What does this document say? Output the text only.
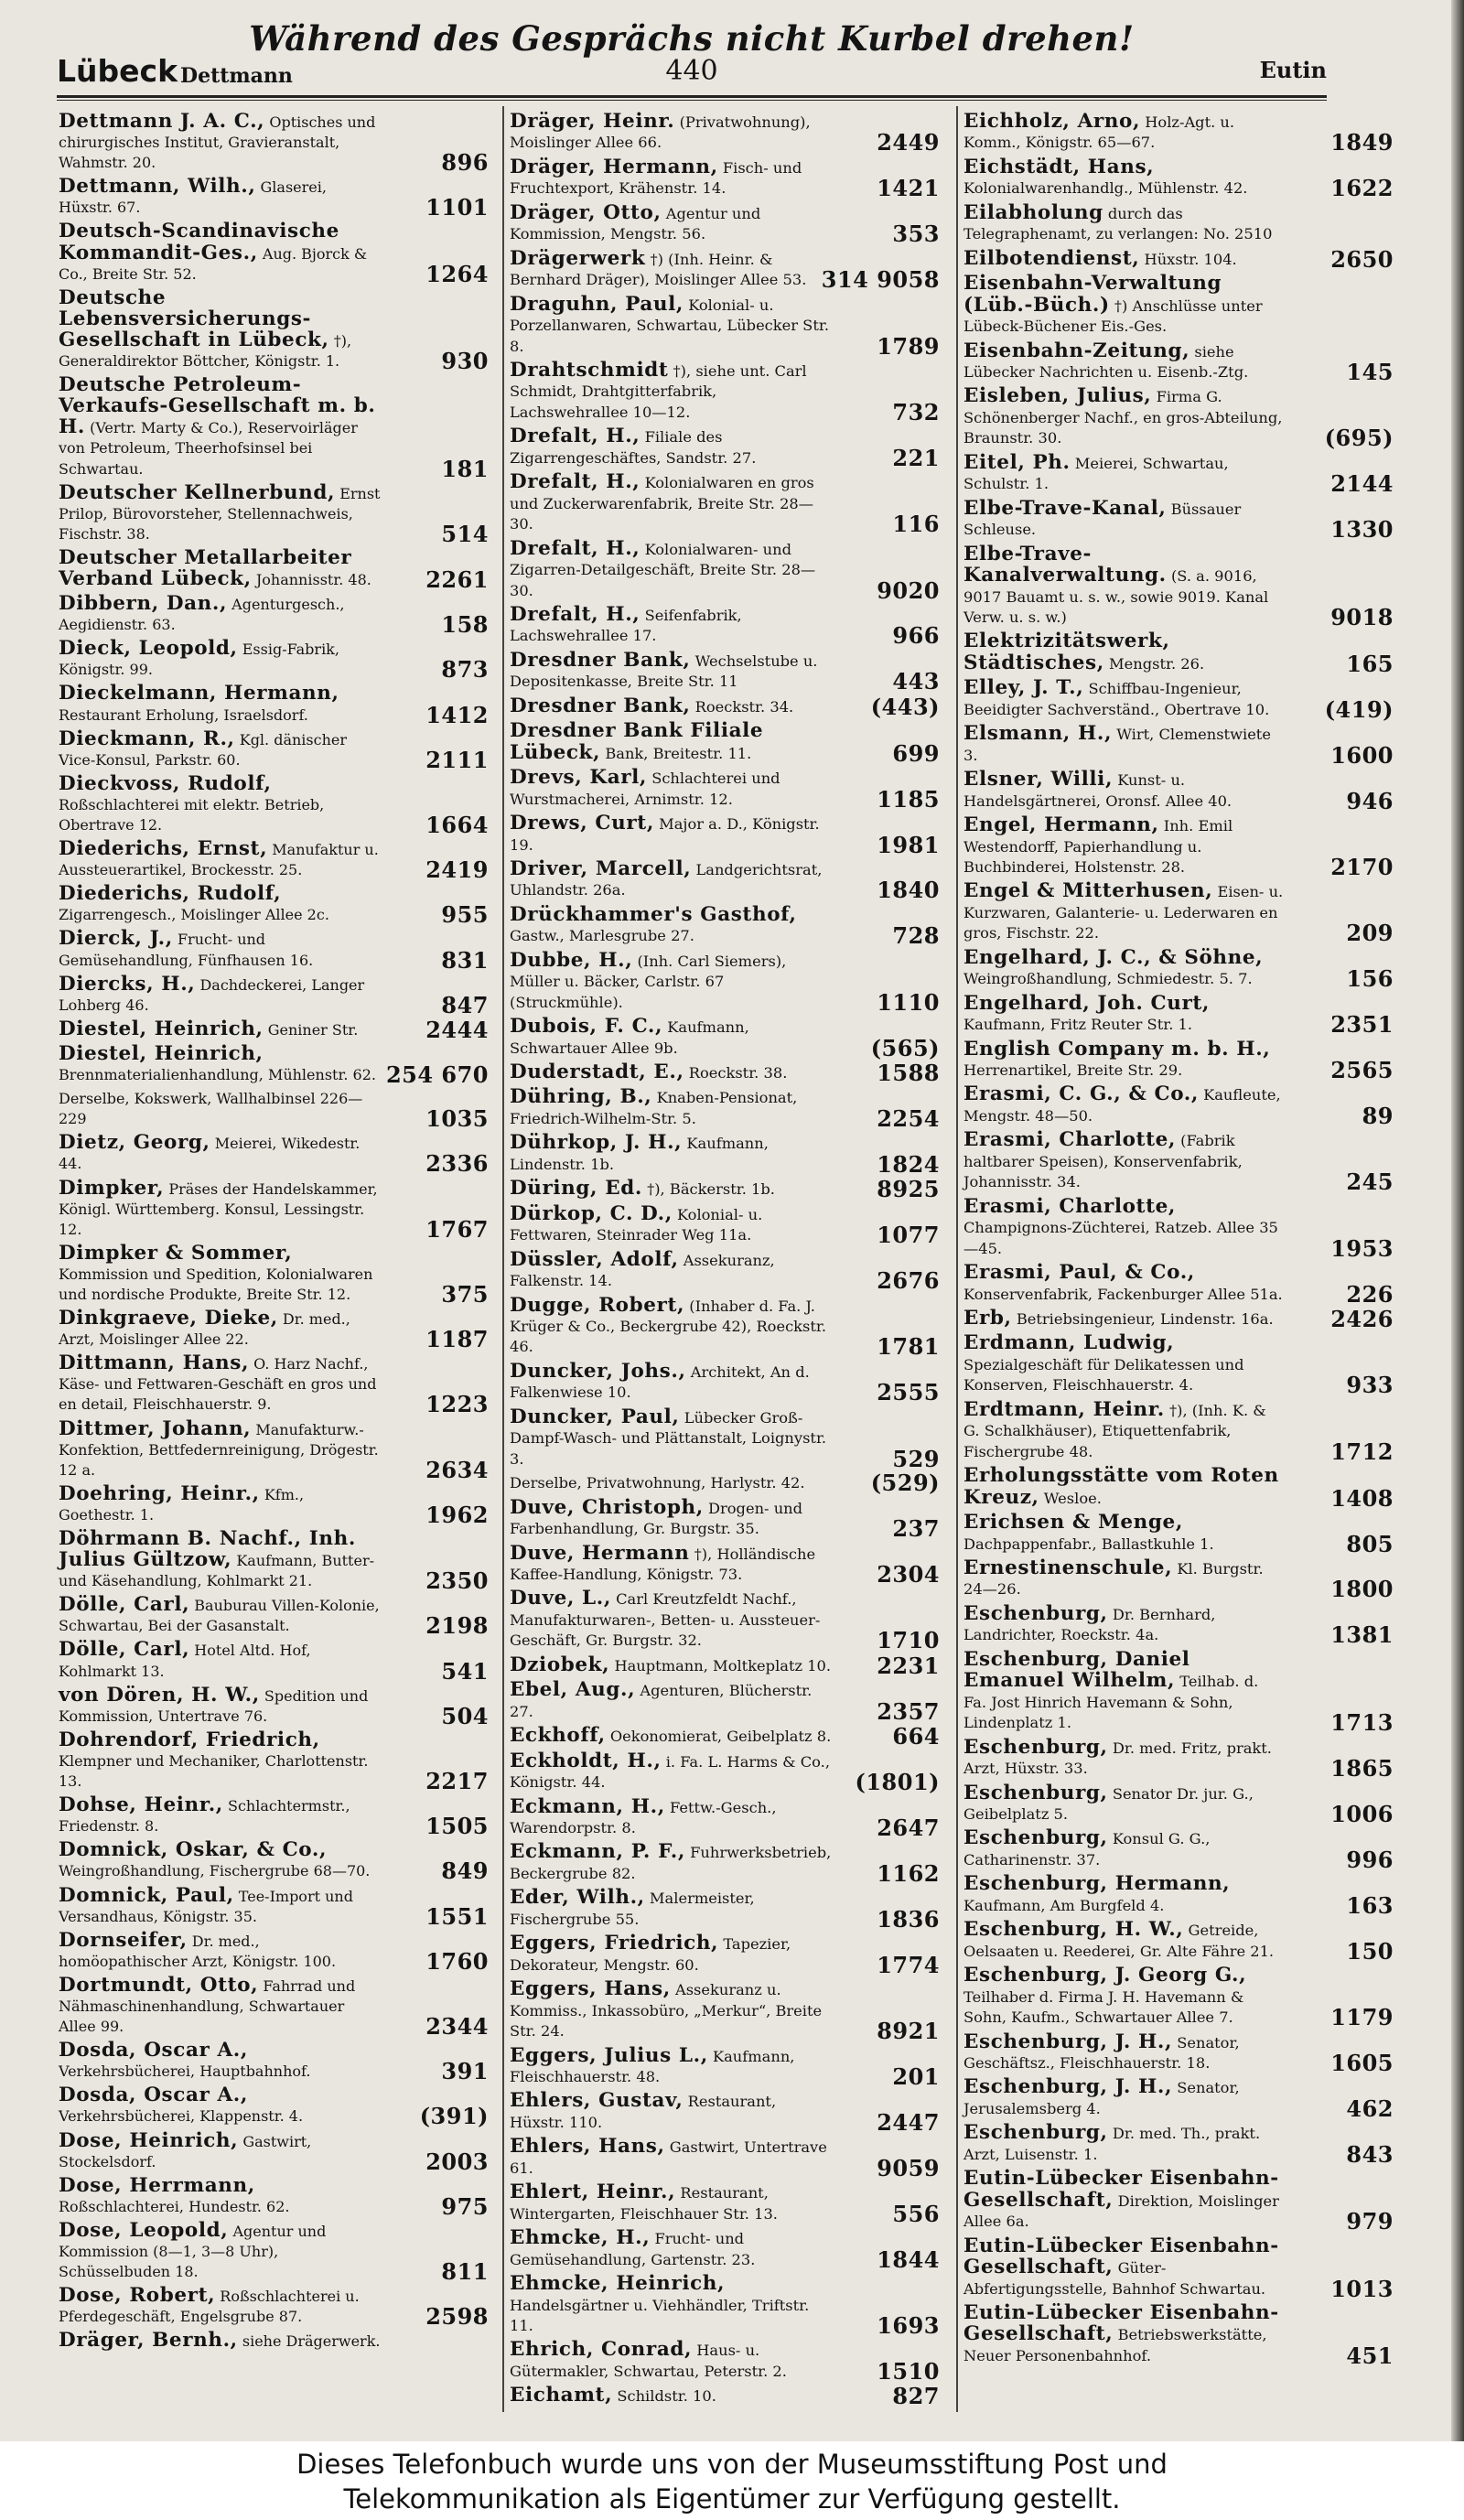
Während des Gesprächs nicht Kurbel drehen!
Lübeck Dettmann	440	Eutin
Dettmann J. A. C., Optisches und chirurgisches Institut, Gravieranstalt, Wahmstr. 20.	896
Dettmann, Wilh., Glaserei, Hüxstr. 67.	1101
Deutsch-Scandinavische Kommandit-Ges., Aug. Bjorck & Co., Breite Str. 52.	1264
Deutsche Lebensversicherungs-Gesellschaft in Lübeck, †), Generaldirektor Böttcher, Königstr. 1.	930
Deutsche Petroleum-Verkaufs-Gesellschaft m. b. H. (Vertr. Marty & Co.), Reservoirläger von Petroleum, Theerhofsinsel bei Schwartau.	181
Deutscher Kellnerbund, Ernst Prilop, Bürovorsteher, Stellennachweis, Fischstr. 38.	514
Deutscher Metallarbeiter Verband Lübeck, Johannisstr. 48. 2261
Dibbern, Dan., Agenturgesch., Aegidienstr. 63.	158
Dieck, Leopold, Essig-Fabrik, Königstr. 99.	873
Dieckelmann, Hermann, Restaurant Erholung, Israelsdorf.	1412
Dieckmann, R., Kgl. dänischer Vice-Konsul, Parkstr. 60.	2111
Dieckvoss, Rudolf, Roßschlachterei mit elektr. Betrieb, Obertrave 12.	1664
Diederichs, Ernst, Manufaktur u. Aussteuerartikel, Brockesstr. 25.	2419
Diederichs, Rudolf, Zigarrengesch., Moislinger Allee 2c.	955
Dierck, J., Frucht- und Gemüsehandlung, Fünfhausen 16.	831
Diercks, H., Dachdeckerei, Langer Lohberg 46.	847
Diestel, Heinrich, Geniner Str.	2444
Diestel, Heinrich, Brennmaterialienhandlung, Mühlenstr. 62. 254 670
Derselbe, Kokswerk, Wallhalbinsel 226—229	1035
Dietz, Georg, Meierei, Wikedestr. 44.	2336
Dimpker, Präses der Handelskammer, Königl. Württemberg. Konsul, Lessingstr. 12.	1767
Dimpker & Sommer, Kommission und Spedition, Kolonialwaren und nordische Produkte, Breite Str. 12.	375
Dinkgraeve, Dieke, Dr. med., Arzt, Moislinger Allee 22.	1187
Dittmann, Hans, O. Harz Nachf., Käse- und Fettwaren-Geschäft en gros und en detail, Fleischhauerstr. 9.	1223
Dittmer, Johann, Manufakturw.-Konfektion, Bettfedernreinigung, Drögestr. 12 a.	2634
Doehring, Heinr., Kfm., Goethestr. 1.	1962
Döhrmann B. Nachf., Inh. Julius Gültzow, Kaufmann, Butter- und Käsehandlung, Kohlmarkt 21.	2350
Dölle, Carl, Bauburau Villen-Kolonie, Schwartau, Bei der Gasanstalt.	2198
Dölle, Carl, Hotel Altd. Hof, Kohlmarkt 13.	541
von Dören, H. W., Spedition und Kommission, Untertrave 76.	504
Dohrendorf, Friedrich, Klempner und Mechaniker, Charlottenstr. 13.	2217
Dohse, Heinr., Schlachtermstr., Friedenstr. 8.	1505
Domnick, Oskar, & Co., Weingroßhandlung, Fischergrube 68—70.	849
Domnick, Paul, Tee-Import und Versandhaus, Königstr. 35.	1551
Dornseifer, Dr. med., homöopathischer Arzt, Königstr. 100.	1760
Dortmundt, Otto, Fahrrad und Nähmaschinenhandlung, Schwartauer Allee 99.	2344
Dosda, Oscar A., Verkehrsbücherei, Hauptbahnhof.	391
Dosda, Oscar A., Verkehrsbücherei, Klappenstr. 4.	(391)
Dose, Heinrich, Gastwirt, Stockelsdorf.	2003
Dose, Herrmann, Roßschlachterei, Hundestr. 62.	975
Dose, Leopold, Agentur und Kommission (8—1, 3—8 Uhr), Schüsselbuden 18.	811
Dose, Robert, Roßschlachterei u. Pferdegeschäft, Engelsgrube 87.	2598
Dräger, Bernh., siehe Drägerwerk.
Dräger, Heinr. (Privatwohnung), Moislinger Allee 66.	2449
Dräger, Hermann, Fisch- und Fruchtexport, Krähenstr. 14.	1421
Dräger, Otto, Agentur und Kommission, Mengstr. 56.	353
Drägerwerk †) (Inh. Heinr. & Bernhard Dräger), Moislinger Allee 53. 314 9058
Draguhn, Paul, Kolonial- u. Porzellanwaren, Schwartau, Lübecker Str. 8.	1789
Drahtschmidt †), siehe unt. Carl Schmidt, Drahtgitterfabrik, Lachswehrallee 10—12.	732
Drefalt, H., Filiale des Zigarrengeschäftes, Sandstr. 27.	221
Drefalt, H., Kolonialwaren en gros und Zuckerwarenfabrik, Breite Str. 28—30.	116
Drefalt, H., Kolonialwaren- und Zigarren-Detailgeschäft, Breite Str. 28—30.	9020
Drefalt, H., Seifenfabrik, Lachswehrallee 17.	966
Dresdner Bank, Wechselstube u. Depositenkasse, Breite Str. 11	443
Dresdner Bank, Roeckstr. 34.	(443)
Dresdner Bank Filiale Lübeck, Bank, Breitestr. 11.	699
Drevs, Karl, Schlachterei und Wurstmacherei, Arnimstr. 12.	1185
Drews, Curt, Major a. D., Königstr. 19.	1981
Driver, Marcell, Landgerichtsrat, Uhlandstr. 26a.	1840
Drückhammer's Gasthof, Gastw., Marlesgrube 27.	728
Dubbe, H., (Inh. Carl Siemers), Müller u. Bäcker, Carlstr. 67 (Struckmühle).	1110
Dubois, F. C., Kaufmann, Schwartauer Allee 9b.	(565)
Duderstadt, E., Roeckstr. 38.	1588
Dühring, B., Knaben-Pensionat, Friedrich-Wilhelm-Str. 5.	2254
Dührkop, J. H., Kaufmann, Lindenstr. 1b.	1824
Düring, Ed. †), Bäckerstr. 1b.	8925
Dürkop, C. D., Kolonial- u. Fettwaren, Steinrader Weg 11a.	1077
Düssler, Adolf, Assekuranz, Falkenstr. 14.	2676
Dugge, Robert, (Inhaber d. Fa. J. Krüger & Co., Beckergrube 42), Roeckstr. 46.	1781
Duncker, Johs., Architekt, An d. Falkenwiese 10.	2555
Duncker, Paul, Lübecker Groß-Dampf-Wasch- und Plättanstalt, Loignystr. 3.	529
Derselbe, Privatwohnung, Harlystr. 42.	(529)
Duve, Christoph, Drogen- und Farbenhandlung, Gr. Burgstr. 35.	237
Duve, Hermann †), Holländische Kaffee-Handlung, Königstr. 73.	2304
Duve, L., Carl Kreutzfeldt Nachf., Manufakturwaren-, Betten- u. Aussteuer-Geschäft, Gr. Burgstr. 32.	1710
Dziobek, Hauptmann, Moltkeplatz 10. 2231
Ebel, Aug., Agenturen, Blücherstr. 27.	2357
Eckhoff, Oekonomierat, Geibelplatz 8.	664
Eckholdt, H., i. Fa. L. Harms & Co., Königstr. 44.	(1801)
Eckmann, H., Fettw.-Gesch., Warendorpstr. 8.	2647
Eckmann, P. F., Fuhrwerksbetrieb, Beckergrube 82.	1162
Eder, Wilh., Malermeister, Fischergrube 55.	1836
Eggers, Friedrich, Tapezier, Dekorateur, Mengstr. 60.	1774
Eggers, Hans, Assekuranz u. Kommiss., Inkassobüro, „Merkur“, Breite Str. 24.	8921
Eggers, Julius L., Kaufmann, Fleischhauerstr. 48.	201
Ehlers, Gustav, Restaurant, Hüxstr. 110.	2447
Ehlers, Hans, Gastwirt, Untertrave 61.	9059
Ehlert, Heinr., Restaurant, Wintergarten, Fleischhauer Str. 13.	556
Ehmcke, H., Frucht- und Gemüsehandlung, Gartenstr. 23.	1844
Ehmcke, Heinrich, Handelsgärtner u. Viehhändler, Triftstr. 11.	1693
Ehrich, Conrad, Haus- u. Gütermakler, Schwartau, Peterstr. 2.	1510
Eichamt, Schildstr. 10.	827
Eichholz, Arno, Holz-Agt. u. Komm., Königstr. 65—67.	1849
Eichstädt, Hans, Kolonialwarenhandlg., Mühlenstr. 42.	1622
Eilabholung durch das Telegraphenamt, zu verlangen: No. 2510
Eilbotendienst, Hüxstr. 104.	2650
Eisenbahn-Verwaltung (Lüb.-Büch.) †) Anschlüsse unter Lübeck-Büchener Eis.-Ges.
Eisenbahn-Zeitung, siehe Lübecker Nachrichten u. Eisenb.-Ztg.	145
Eisleben, Julius, Firma G. Schönenberger Nachf., en gros-Abteilung, Braunstr. 30.	(695)
Eitel, Ph. Meierei, Schwartau, Schulstr. 1.	2144
Elbe-Trave-Kanal, Büssauer Schleuse.	1330
Elbe-Trave-Kanalverwaltung. (S. a. 9016, 9017 Bauamt u. s. w., sowie 9019. Kanal Verw. u. s. w.)	9018
Elektrizitätswerk, Städtisches, Mengstr. 26.	165
Elley, J. T., Schiffbau-Ingenieur, Beeidigter Sachverständ., Obertrave 10.	(419)
Elsmann, H., Wirt, Clemenstwiete 3.	1600
Elsner, Willi, Kunst- u. Handelsgärtnerei, Oronsf. Allee 40.	946
Engel, Hermann, Inh. Emil Westendorff, Papierhandlung u. Buchbinderei, Holstenstr. 28.	2170
Engel & Mitterhusen, Eisen- u. Kurzwaren, Galanterie- u. Lederwaren en gros, Fischstr. 22.	209
Engelhard, J. C., & Söhne, Weingroßhandlung, Schmiedestr. 5. 7.	156
Engelhard, Joh. Curt, Kaufmann, Fritz Reuter Str. 1.	2351
English Company m. b. H., Herrenartikel, Breite Str. 29.	2565
Erasmi, C. G., & Co., Kaufleute, Mengstr. 48—50.	89
Erasmi, Charlotte, (Fabrik haltbarer Speisen), Konservenfabrik, Johannisstr. 34.	245
Erasmi, Charlotte, Champignons-Züchterei, Ratzeb. Allee 35—45.	1953
Erasmi, Paul, & Co., Konservenfabrik, Fackenburger Allee 51a.	226
Erb, Betriebsingenieur, Lindenstr. 16a.	2426
Erdmann, Ludwig, Spezialgeschäft für Delikatessen und Konserven, Fleischhauerstr. 4.	933
Erdtmann, Heinr. †), (Inh. K. & G. Schalkhäuser), Etiquettenfabrik, Fischergrube 48.	1712
Erholungsstätte vom Roten Kreuz, Wesloe.	1408
Erichsen & Menge, Dachpappenfabr., Ballastkuhle 1.	805
Ernestinenschule, Kl. Burgstr. 24—26.	1800
Eschenburg, Dr. Bernhard, Landrichter, Roeckstr. 4a.	1381
Eschenburg, Daniel Emanuel Wilhelm, Teilhab. d. Fa. Jost Hinrich Havemann & Sohn, Lindenplatz 1.	1713
Eschenburg, Dr. med. Fritz, prakt. Arzt, Hüxstr. 33.	1865
Eschenburg, Senator Dr. jur. G., Geibelplatz 5.	1006
Eschenburg, Konsul G. G., Catharinenstr. 37.	996
Eschenburg, Hermann, Kaufmann, Am Burgfeld 4.	163
Eschenburg, H. W., Getreide, Oelsaaten u. Reederei, Gr. Alte Fähre 21.	150
Eschenburg, J. Georg G., Teilhaber d. Firma J. H. Havemann & Sohn, Kaufm., Schwartauer Allee 7.	1179
Eschenburg, J. H., Senator, Geschäftsz., Fleischhauerstr. 18.	1605
Eschenburg, J. H., Senator, Jerusalemsberg 4.	462
Eschenburg, Dr. med. Th., prakt. Arzt, Luisenstr. 1.	843
Eutin-Lübecker Eisenbahn-Gesellschaft, Direktion, Moislinger Allee 6a.	979
Eutin-Lübecker Eisenbahn-Gesellschaft, Güter-Abfertigungsstelle, Bahnhof Schwartau.	1013
Eutin-Lübecker Eisenbahn-Gesellschaft, Betriebswerkstätte, Neuer Personenbahnhof.	451
Dieses Telefonbuch wurde uns von der Museumsstiftung Post und
Telekommunikation als Eigentümer zur Verfügung gestellt.
